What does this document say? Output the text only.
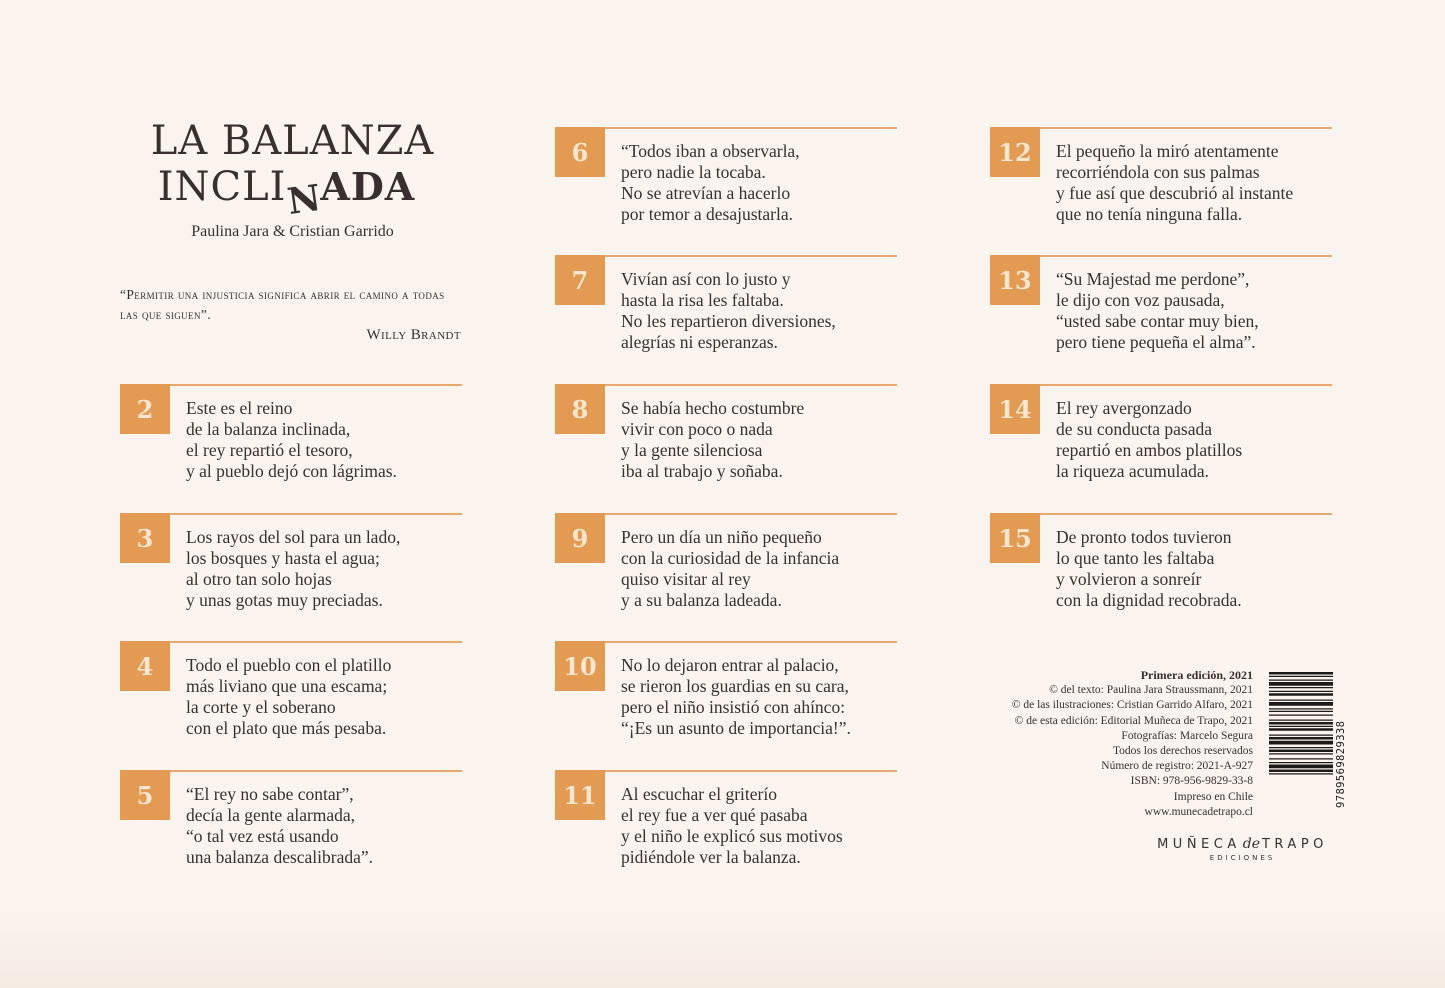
LA BALANZA
INCLINADA
Paulina Jara & Cristian Garrido
“Permitir una injusticia significa abrir el camino a todas las que siguen”.
Willy Brandt
2	Este es el reino
de la balanza inclinada,
el rey repartió el tesoro,
y al pueblo dejó con lágrimas.
3	Los rayos del sol para un lado,
los bosques y hasta el agua;
al otro tan solo hojas
y unas gotas muy preciadas.
4	Todo el pueblo con el platillo
más liviano que una escama;
la corte y el soberano
con el plato que más pesaba.
5	“El rey no sabe contar”,
decía la gente alarmada,
“o tal vez está usando
una balanza descalibrada”.
6	“Todos iban a observarla,
pero nadie la tocaba.
No se atrevían a hacerlo
por temor a desajustarla.
7	Vivían así con lo justo y
hasta la risa les faltaba.
No les repartieron diversiones,
alegrías ni esperanzas.
8	Se había hecho costumbre
vivir con poco o nada
y la gente silenciosa
iba al trabajo y soñaba.
9	Pero un día un niño pequeño
con la curiosidad de la infancia
quiso visitar al rey
y a su balanza ladeada.
10	No lo dejaron entrar al palacio,
se rieron los guardias en su cara,
pero el niño insistió con ahínco:
“¡Es un asunto de importancia!”.
11	Al escuchar el griterío
el rey fue a ver qué pasaba
y el niño le explicó sus motivos
pidiéndole ver la balanza.
12	El pequeño la miró atentamente
recorriéndola con sus palmas
y fue así que descubrió al instante
que no tenía ninguna falla.
13	“Su Majestad me perdone”,
le dijo con voz pausada,
“usted sabe contar muy bien,
pero tiene pequeña el alma”.
14	El rey avergonzado
de su conducta pasada
repartió en ambos platillos
la riqueza acumulada.
15	De pronto todos tuvieron
lo que tanto les faltaba
y volvieron a sonreír
con la dignidad recobrada.
Primera edición, 2021
© del texto: Paulina Jara Straussmann, 2021
© de las ilustraciones: Cristian Garrido Alfaro, 2021
© de esta edición: Editorial Muñeca de Trapo, 2021
Fotografías: Marcelo Segura
Todos los derechos reservados
Número de registro: 2021-A-927
ISBN: 978-956-9829-33-8
Impreso en Chile
www.munecadetrapo.cl
9789569829338
MUÑECA de TRAPO
EDICIONES
